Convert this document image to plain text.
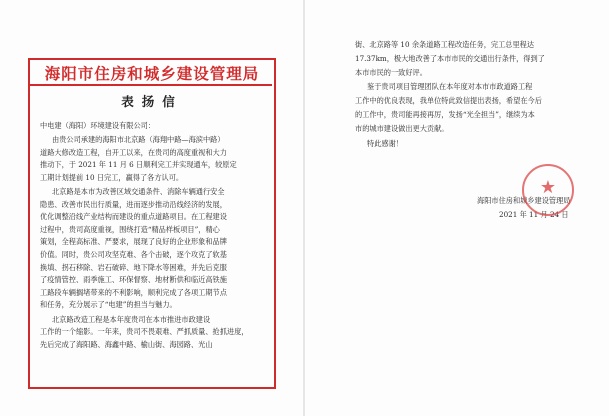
海阳市住房和城乡建设管理局
表扬信
中电建（海阳）环境建设有限公司：
由贵公司承建的海阳市北京路（海翔中路—海滨中路）
道路大修改造工程，自开工以来，在贵司的高度重视和大力
推动下，于 2021 年 11 月 6 日顺利完工并实现通车，较原定
工期计划提前 10 日完工，赢得了各方认可。
北京路是本市为改善区域交通条件、消除车辆通行安全
隐患、改善市民出行质量，进而逐步推动沿线经济的发展，
优化调整沿线产业结构而建设的重点道路项目。在工程建设
过程中，贵司高度重视，围绕打造“精品样板项目”，精心
策划，全程高标准、严要求，展现了良好的企业形象和品牌
价值。同时，贵公司攻坚克难、各个击破，逐个攻克了软基
换填、拐石移除、岩石破碎、地下降水等困难，并先后克服
了疫情管控、雨季施工、环保督察、地材断供和临近高铁施
工路段车辆搁堵带来的不利影响，顺利完成了各项工期节点
和任务，充分展示了“电建”的担当与魅力。
北京路改造工程是本年度贵司在本市推进市政建设
工作的一个缩影。一年来，贵司不畏艰难、严抓质量、抢抓进度，
先后完成了海阳路、海鑫中路、榆山街、海园路、光山
街、北京路等 10 余条道路工程改造任务，完工总里程达
17.37km，极大地改善了本市市民的交通出行条件，得到了
本市市民的一致好评。
鉴于贵司项目管理团队在本年度对本市市政道路工程
工作中的优良表现，我单位特此致信提出表扬，希望在今后
的工作中，贵司能再接再厉，发扬“光全担当”，继续为本
市的城市建设做出更大贡献。
特此感谢！
海阳市住房和城乡建设管理局
2021 年 11 月 24 日
★
